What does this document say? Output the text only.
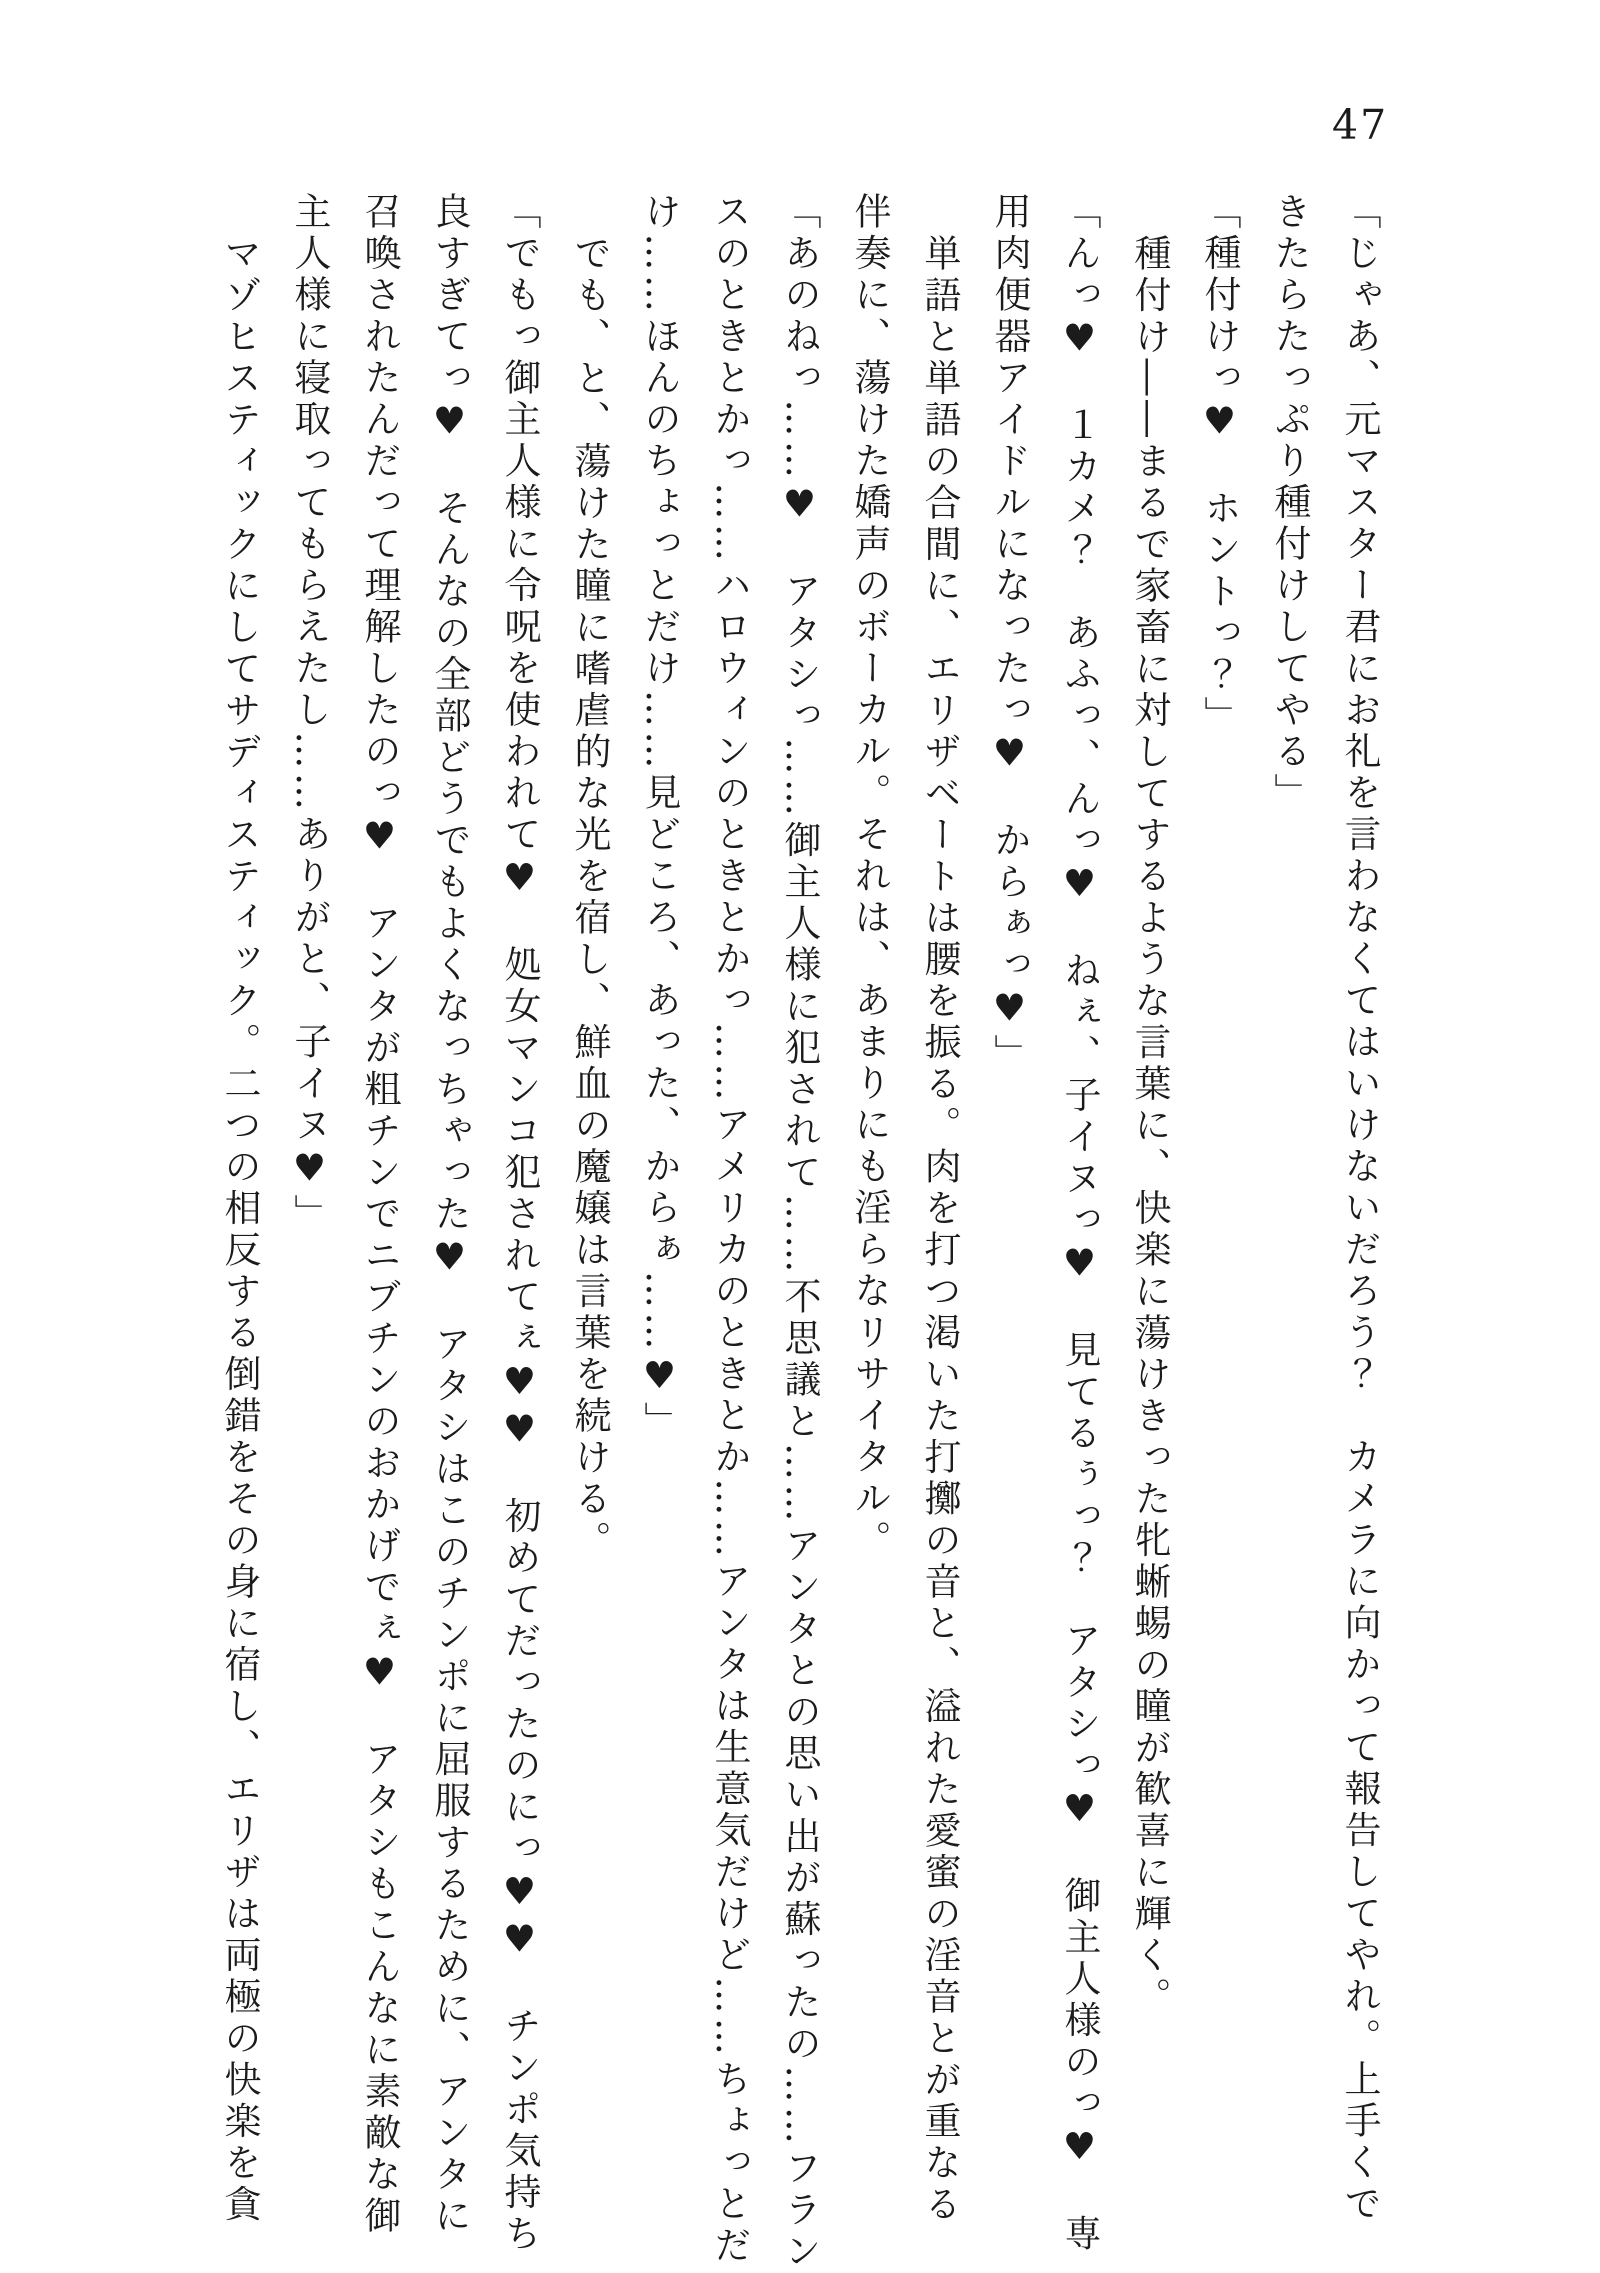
47
「じゃあ、元マスター君にお礼を言わなくてはいけないだろう？　カメラに向かって報告してやれ。上手くで
きたらたっぷり種付けしてやる」
「種付けっ♥　ホントっ？」
種付け――まるで家畜に対してするような言葉に、快楽に蕩けきった牝蜥蜴の瞳が歓喜に輝く。
「んっ♥　１カメ？　あふっ、んっ♥　ねぇ、子イヌっ♥　見てるぅっ？　アタシっ♥　御主人様のっ♥　専
用肉便器アイドルになったっ♥　からぁっ♥」
単語と単語の合間に、エリザベートは腰を振る。肉を打つ渇いた打擲の音と、溢れた愛蜜の淫音とが重なる
伴奏に、蕩けた嬌声のボーカル。それは、あまりにも淫らなリサイタル。
「あのねっ……♥　アタシっ……御主人様に犯されて……不思議と……アンタとの思い出が蘇ったの……フラン
スのときとかっ……ハロウィンのときとかっ……アメリカのときとか……アンタは生意気だけど……ちょっとだ
け……ほんのちょっとだけ……見どころ、あった、からぁ……♥」
でも、と、蕩けた瞳に嗜虐的な光を宿し、鮮血の魔嬢は言葉を続ける。
「でもっ御主人様に令呪を使われて♥　処女マンコ犯されてぇ♥♥　初めてだったのにっ♥♥　チンポ気持ち
良すぎてっ♥　そんなの全部どうでもよくなっちゃった♥　アタシはこのチンポに屈服するために、アンタに
召喚されたんだって理解したのっ♥　アンタが粗チンでニブチンのおかげでぇ♥　アタシもこんなに素敵な御
主人様に寝取ってもらえたし……ありがと、子イヌ♥」
マゾヒスティックにしてサディスティック。二つの相反する倒錯をその身に宿し、エリザは両極の快楽を貪
